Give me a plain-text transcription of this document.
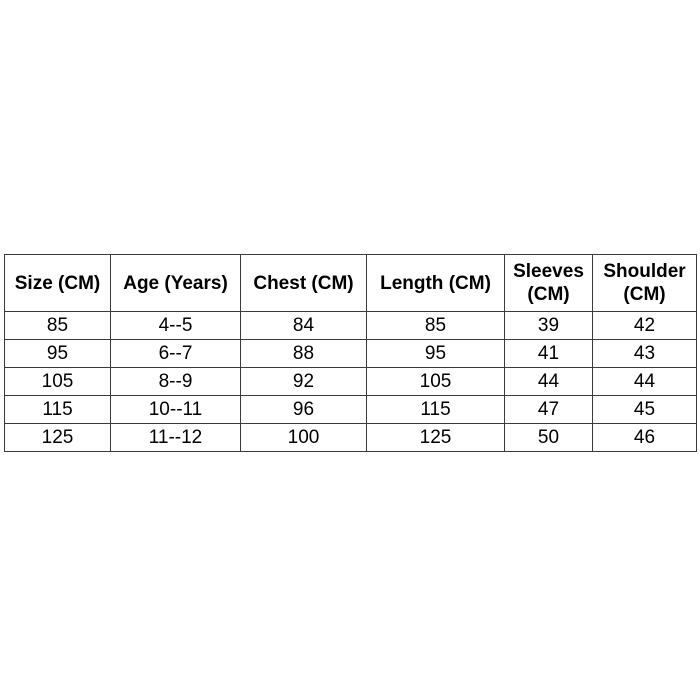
Size (CM)	Age (Years)	Chest (CM)	Length (CM)	Sleeves (CM)	Shoulder (CM)
85	4--5	84	85	39	42
95	6--7	88	95	41	43
105	8--9	92	105	44	44
115	10--11	96	115	47	45
125	11--12	100	125	50	46
